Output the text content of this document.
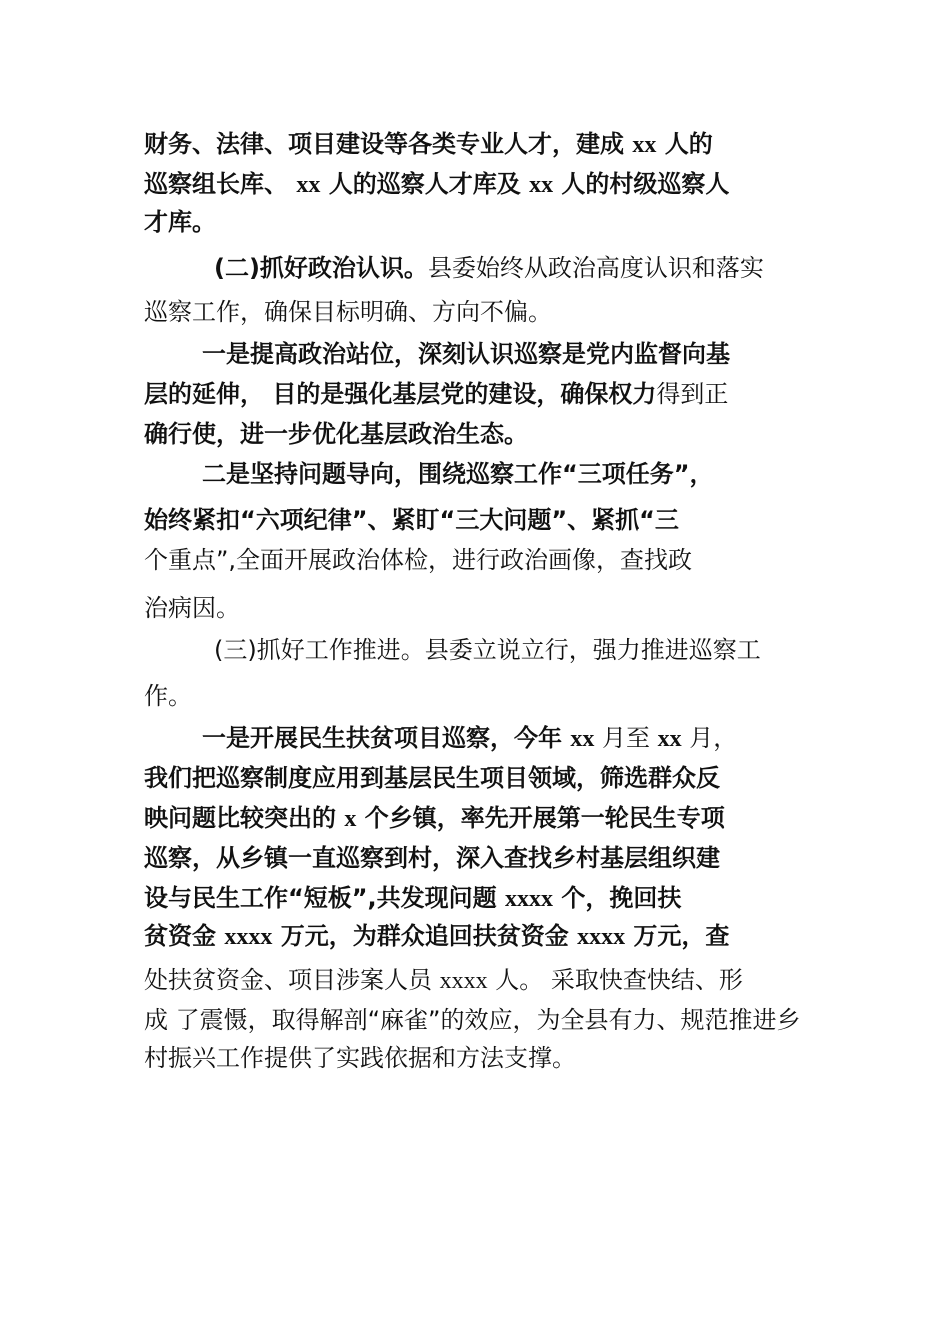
财务、法律、项目建设等各类专业人才，建成 xx 人的
巡察组长库、 xx 人的巡察人才库及 xx 人的村级巡察人
才库。
(二)抓好政治认识。县委始终从政治高度认识和落实
巡察工作，确保目标明确、方向不偏。
一是提高政治站位，深刻认识巡察是党内监督向基
层的延伸， 目的是强化基层党的建设，确保权力得到正
确行使，进一步优化基层政治生态。
二是坚持问题导向，围绕巡察工作“三项任务”，
始终紧扣“六项纪律”、紧盯“三大问题”、紧抓“三
个重点”,全面开展政治体检，进行政治画像，查找政
治病因。
(三)抓好工作推进。县委立说立行，强力推进巡察工
作。
一是开展民生扶贫项目巡察，今年 xx 月至 xx 月，
我们把巡察制度应用到基层民生项目领域，筛选群众反
映问题比较突出的 x 个乡镇，率先开展第一轮民生专项
巡察，从乡镇一直巡察到村，深入查找乡村基层组织建
设与民生工作“短板”,共发现问题 xxxx 个，挽回扶
贫资金 xxxx 万元，为群众追回扶贫资金 xxxx 万元，查
处扶贫资金、项目涉案人员 xxxx 人。 采取快查快结、形
成 了震慑，取得解剖“麻雀”的效应，为全县有力、规范推进乡
村振兴工作提供了实践依据和方法支撑。
